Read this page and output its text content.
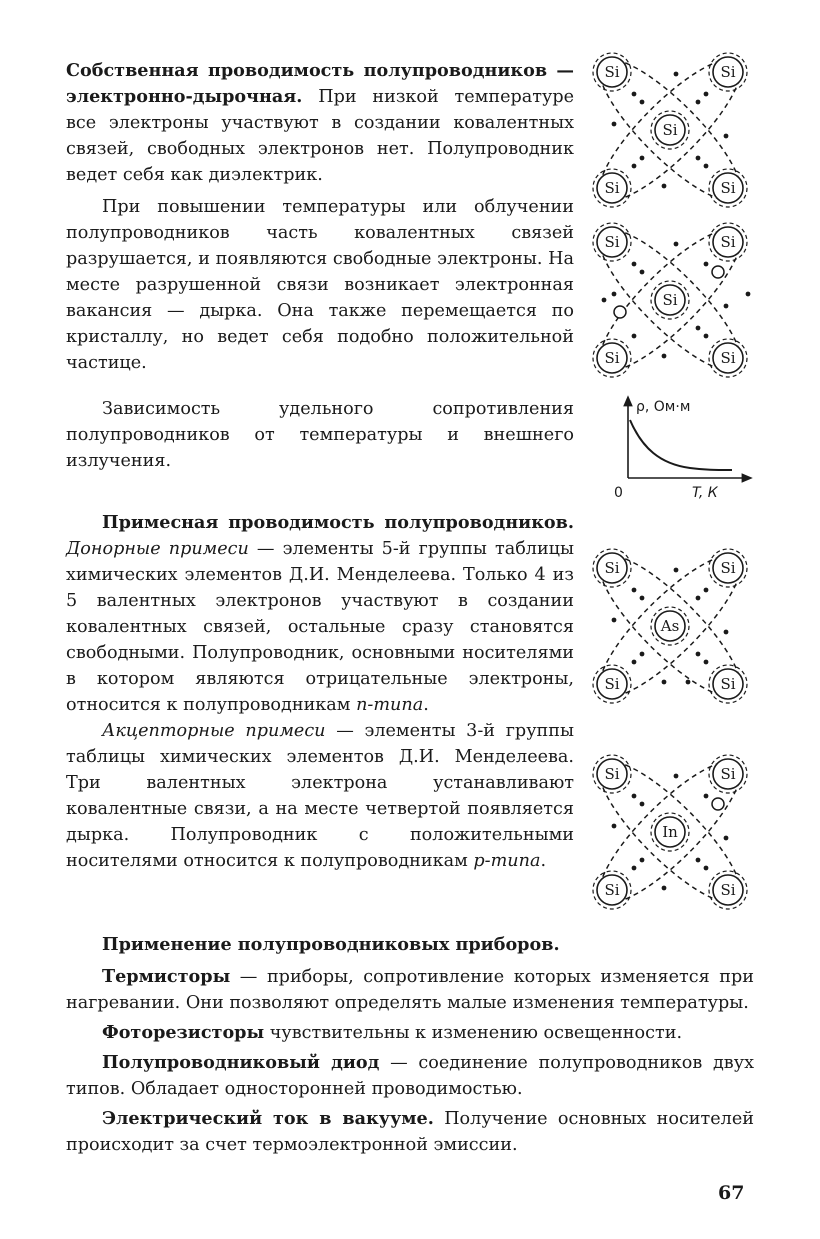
Собственная проводимость полупроводников — электронно-дырочная. При низкой температуре все электроны участвуют в создании ковалентных связей, свободных электронов нет. Полупроводник ведет себя как диэлектрик.

При повышении температуры или облучении полупроводников часть ковалентных связей разрушается, и появляются свободные электроны. На месте разрушенной связи возникает электронная вакансия — дырка. Она также перемещается по кристаллу, но ведет себя подобно положительной частице.

Зависимость удельного сопротивления полупроводников от температуры и внешнего излучения.

Примесная проводимость полупроводников. Донорные примеси — элементы 5-й группы таблицы химических элементов Д.И. Менделеева. Только 4 из 5 валентных электронов участвуют в создании ковалентных связей, остальные сразу становятся свободными. Полупроводник, основными носителями в котором являются отрицательные электроны, относится к полупроводникам n-типа.

Акцепторные примеси — элементы 3-й группы таблицы химических элементов Д.И. Менделеева. Три валентных электрона устанавливают ковалентные связи, а на месте четвертой появляется дырка. Полупроводник с положительными носителями относится к полупроводникам р-типа.

Применение полупроводниковых приборов.

Термисторы — приборы, сопротивление которых изменяется при нагревании. Они позволяют определять малые изменения температуры.

Фоторезисторы чувствительны к изменению освещенности.

Полупроводниковый диод — соединение полупроводников двух типов. Обладает односторонней проводимостью.

Электрический ток в вакууме. Получение основных носителей происходит за счет термоэлектронной эмиссии.

Si	Si
Si	Si
Si
Si	Si
Si	Si
Si
Si	Si
Si	Si
As
Si	Si
Si	Si
In
ρ, Ом·м
0	T, К
67
